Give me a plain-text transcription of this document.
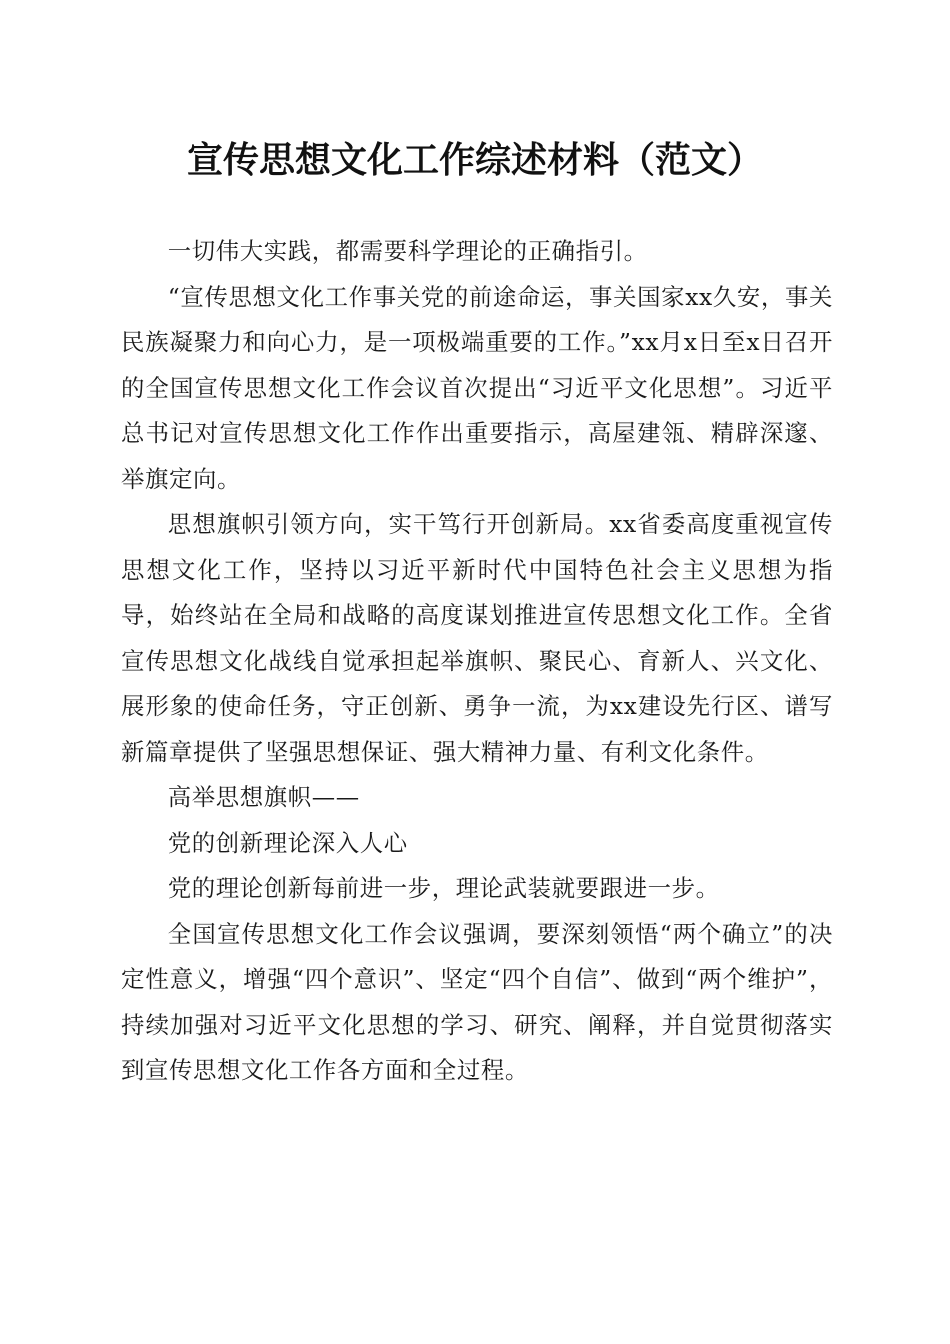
宣传思想文化工作综述材料（范文）

一切伟大实践，都需要科学理论的正确指引。

“宣传思想文化工作事关党的前途命运，事关国家xx久安，事关民族凝聚力和向心力，是一项极端重要的工作。”xx月x日至x日召开的全国宣传思想文化工作会议首次提出“习近平文化思想”。习近平总书记对宣传思想文化工作作出重要指示，高屋建瓴、精辟深邃、举旗定向。

思想旗帜引领方向，实干笃行开创新局。xx省委高度重视宣传思想文化工作，坚持以习近平新时代中国特色社会主义思想为指导，始终站在全局和战略的高度谋划推进宣传思想文化工作。全省宣传思想文化战线自觉承担起举旗帜、聚民心、育新人、兴文化、展形象的使命任务，守正创新、勇争一流，为xx建设先行区、谱写新篇章提供了坚强思想保证、强大精神力量、有利文化条件。

高举思想旗帜——

党的创新理论深入人心

党的理论创新每前进一步，理论武装就要跟进一步。

全国宣传思想文化工作会议强调，要深刻领悟“两个确立”的决定性意义，增强“四个意识”、坚定“四个自信”、做到“两个维护”，持续加强对习近平文化思想的学习、研究、阐释，并自觉贯彻落实到宣传思想文化工作各方面和全过程。
